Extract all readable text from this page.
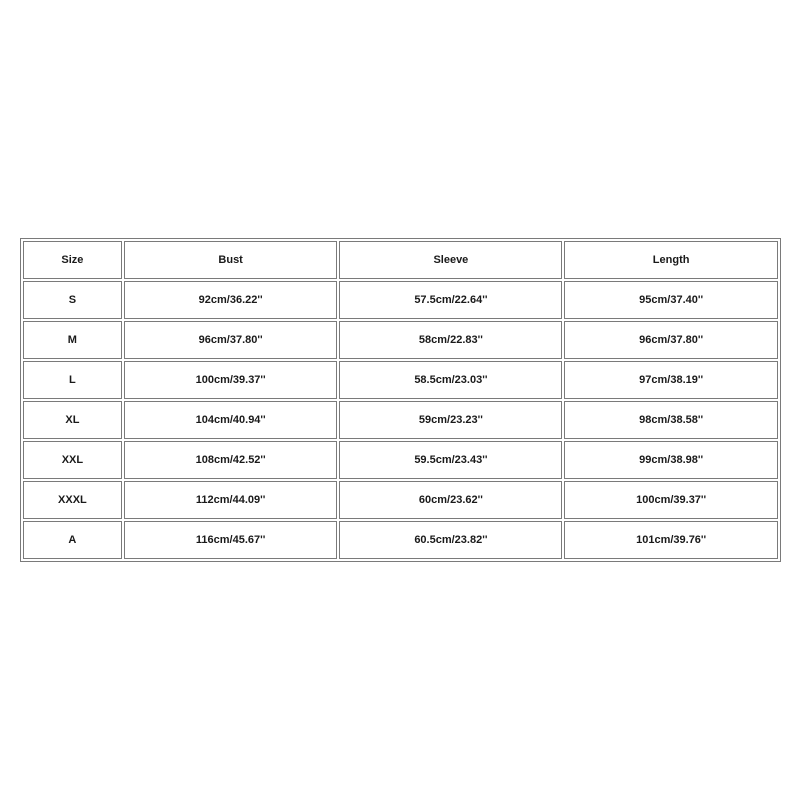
Size	Bust	Sleeve	Length
S	92cm/36.22''	57.5cm/22.64''	95cm/37.40''
M	96cm/37.80''	58cm/22.83''	96cm/37.80''
L	100cm/39.37''	58.5cm/23.03''	97cm/38.19''
XL	104cm/40.94''	59cm/23.23''	98cm/38.58''
XXL	108cm/42.52''	59.5cm/23.43''	99cm/38.98''
XXXL	112cm/44.09''	60cm/23.62''	100cm/39.37''
A	116cm/45.67''	60.5cm/23.82''	101cm/39.76''
